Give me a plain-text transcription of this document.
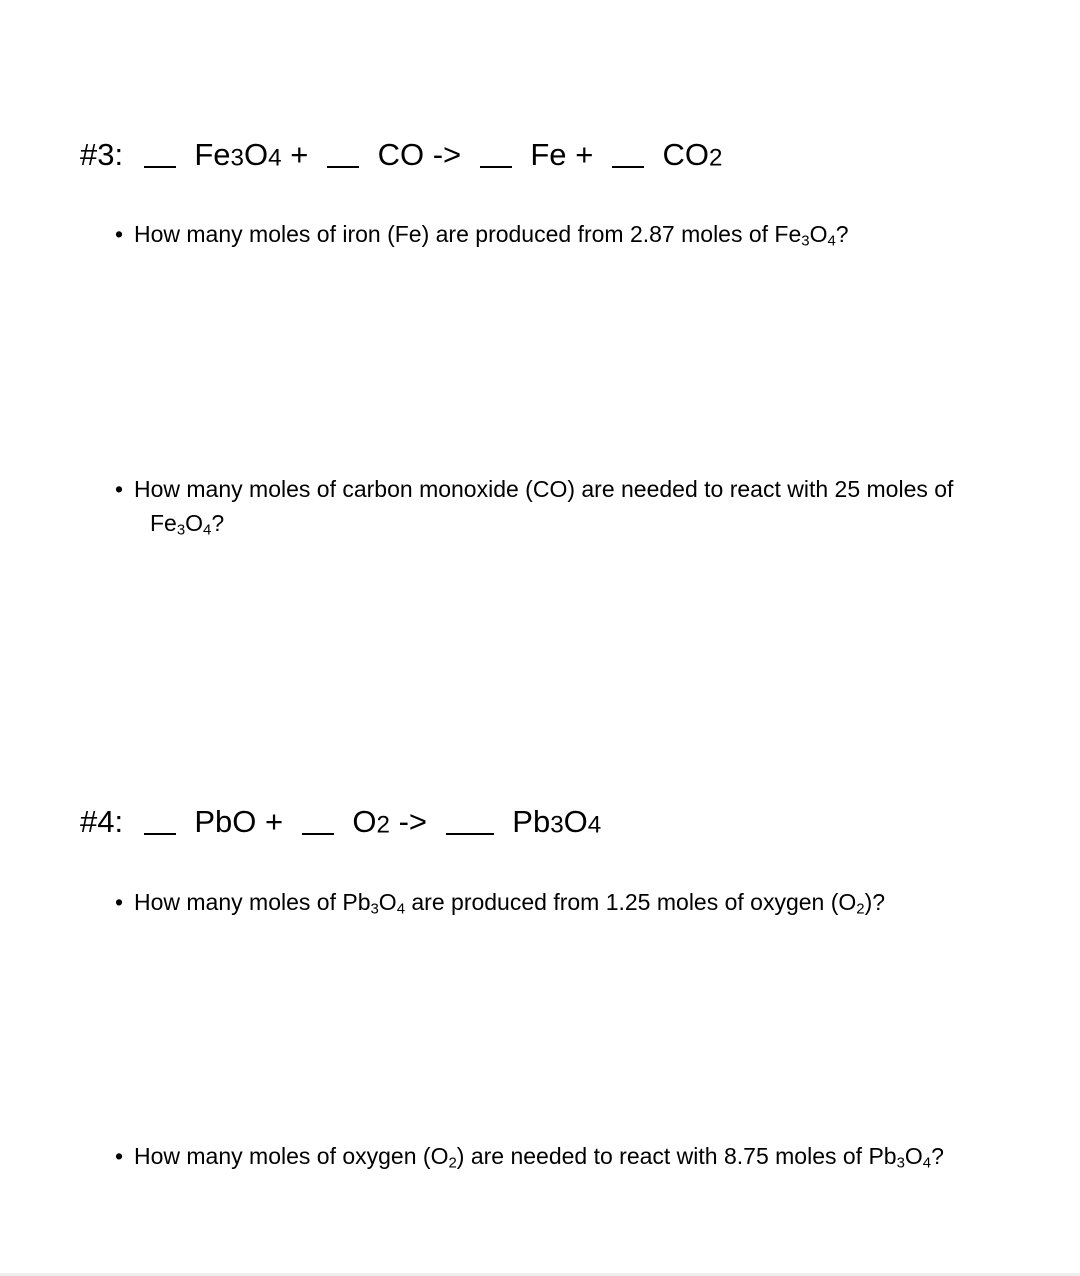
#3: $Fe_3O_4$ + CO -> $Fe + CO_2$
• How many moles of iron (Fe) are produced from 2.87 moles of $Fe_3O_4$?
• How many moles of carbon monoxide (CO) are needed to react with 25 moles of
$Fe_3O_4$?
#4: PbO + $O_2$ ->	$Pb_3O_4$
• How many moles of $Pb_3O_4$ are produced from 1.25 moles of oxygen $(O_2)$?
• How many moles of oxygen $(O_2)$ are needed to react with 8.75 moles of $Pb_3O_4$?
